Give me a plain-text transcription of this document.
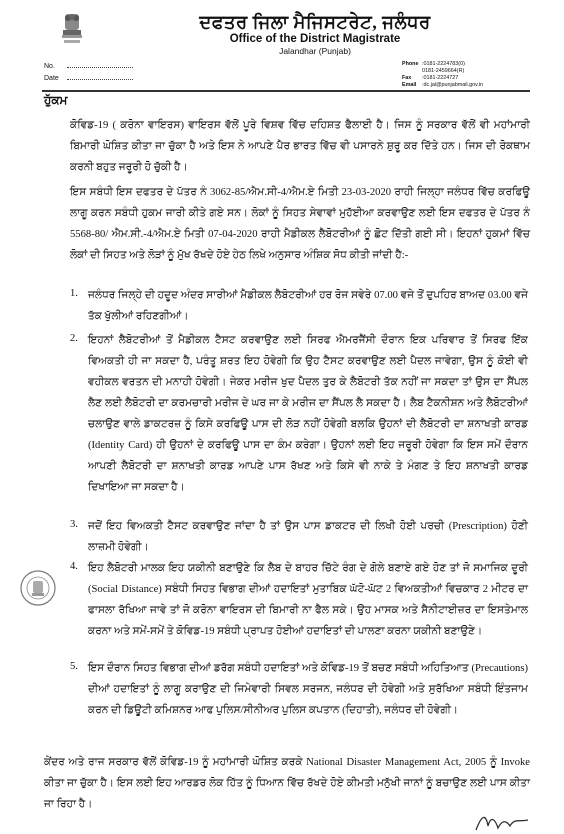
ਦਫਤਰ ਜਿਲਾ ਮੈਜਿਸਟਰੇਟ, ਜਲੰਧਰ
Office of the District Magistrate
Jalandhar (Punjab)
No.
Date
Phone :0181-2224783(0)
0181-2459664(R)
Fax :0181-2224727
Email :dc.jal@punjabmail.gov.in
ਹੁੱਕਮ
ਕੋਵਿਡ-19 ( ਕਰੋਨਾ ਵਾਇਰਸ) ਵਾਇਰਸ ਵੱਲੋਂ ਪੂਰੇ ਵਿਸ਼ਵ ਵਿੱਚ ਦਹਿਸ਼ਤ ਫੈਲਾਈ ਹੈ। ਜਿਸ ਨੂੰ ਸਰਕਾਰ ਵੱਲੋਂ ਵੀ ਮਹਾਂਮਾਰੀ ਬਿਮਾਰੀ ਘੋਸ਼ਿਤ ਕੀਤਾ ਜਾ ਚੁੱਕਾ ਹੈ ਅਤੇ ਇਸ ਨੇ ਆਪਣੇ ਪੈਰ ਭਾਰਤ ਵਿੱਚ ਵੀ ਪਸਾਰਨੇ ਸ਼ੁਰੂ ਕਰ ਦਿੱਤੇ ਹਨ। ਜਿਸ ਦੀ ਰੋਕਥਾਮ ਕਰਨੀ ਬਹੁਤ ਜਰੂਰੀ ਹੋ ਚੁੱਕੀ ਹੈ।
ਇਸ ਸਬੰਧੀ ਇਸ ਦਫਤਰ ਦੇ ਪੱਤਰ ਨੰ 3062-85/ਐਮ.ਸੀ-4/ਐਮ.ਏ ਮਿਤੀ 23-03-2020 ਰਾਹੀ ਜਿਲ੍ਹਾ ਜਲੰਧਰ ਵਿੱਚ ਕਰਫਿਊ ਲਾਗੂ ਕਰਨ ਸਬੰਧੀ ਹੁਕਮ ਜਾਰੀ ਕੀਤੇ ਗਏ ਸਨ। ਲੋਕਾਂ ਨੂੰ ਸਿਹਤ ਸੇਵਾਵਾਂ ਮੁਹੱਈਆ ਕਰਵਾਉਣ ਲਈ ਇਸ ਦਫਤਰ ਦੇ ਪੱਤਰ ਨੰ 5568-80/ ਐਮ.ਸੀ.-4/ਐਮ.ਏ ਮਿਤੀ 07-04-2020 ਰਾਹੀ ਮੈਡੀਕਲ ਲੈਬੋਟਰੀਆਂ ਨੂੰ ਛੋਟ ਦਿੱਤੀ ਗਈ ਸੀ। ਇਹਨਾਂ ਹੁਕਮਾਂ ਵਿੱਚ ਲੋਕਾਂ ਦੀ ਸਿਹਤ ਅਤੇ ਲੋੜਾਂ ਨੂੰ ਮੁੱਖ ਰੱਖਦੇ ਹੋਏ ਹੇਠ ਲਿਖੇ ਅਨੁਸਾਰ ਅੰਸ਼ਿਕ ਸੋਧ ਕੀਤੀ ਜਾਂਦੀ ਹੈ:-
1. ਜਲੰਧਰ ਜਿਲ੍ਹੇ ਦੀ ਹਦੂਦ ਅੰਦਰ ਸਾਰੀਆਂ ਮੈਡੀਕਲ ਲੈਬੋਟਰੀਆਂ ਹਰ ਰੋਜ ਸਵੇਰੇ 07.00 ਵਜੇ ਤੋਂ ਦੁਪਹਿਰ ਬਾਅਦ 03.00 ਵਜੇ ਤੱਕ ਖੁੱਲੀਆਂ ਰਹਿਣਗੀਆਂ।
2. ਇਹਨਾਂ ਲੈਬੋਟਰੀਆਂ ਤੋਂ ਮੈਡੀਕਲ ਟੈਸਟ ਕਰਵਾਉਣ ਲਈ ਸਿਰਫ ਐਮਰਜੈਂਸੀ ਦੌਰਾਨ ਇਕ ਪਰਿਵਾਰ ਤੋਂ ਸਿਰਫ ਇੱਕ ਵਿਅਕਤੀ ਹੀ ਜਾ ਸਕਦਾ ਹੈ, ਪਰੰਤੂ ਸ਼ਰਤ ਇਹ ਹੋਵੇਗੀ ਕਿ ਉਹ ਟੈਸਟ ਕਰਵਾਉਣ ਲਈ ਪੈਦਲ ਜਾਵੇਗਾ, ਉਸ ਨੂੰ ਕੋਈ ਵੀ ਵਹੀਕਲ ਵਰਤਨ ਦੀ ਮਨਾਹੀ ਹੋਵੇਗੀ। ਜੇਕਰ ਮਰੀਜ ਖੁਦ ਪੈਦਲ ਤੁਰ ਕੇ ਲੈਬੋਟਰੀ ਤੱਕ ਨਹੀਂ ਜਾ ਸਕਦਾ ਤਾਂ ਉਸ ਦਾ ਸੈਂਪਲ ਲੈਣ ਲਈ ਲੈਬੋਟਰੀ ਦਾ ਕਰਮਚਾਰੀ ਮਰੀਜ ਦੇ ਘਰ ਜਾ ਕੇ ਮਰੀਜ ਦਾ ਸੈਂਪਲ ਲੈ ਸਕਦਾ ਹੈ। ਲੈਬ ਟੈਕਨੀਸ਼ਨ ਅਤੇ ਲੈਬੋਟਰੀਆਂ ਚਲਾਉਣ ਵਾਲੇ ਡਾਕਟਰਜ਼ ਨੂੰ ਕਿਸੇ ਕਰਫਿਊ ਪਾਸ ਦੀ ਲੋੜ ਨਹੀਂ ਹੋਵੇਗੀ ਬਲਕਿ ਉਹਨਾਂ ਦੀ ਲੈਬੋਟਰੀ ਦਾ ਸ਼ਨਾਖਤੀ ਕਾਰਡ (Identity Card) ਹੀ ਉਹਨਾਂ ਦੇ ਕਰਫਿਊ ਪਾਸ ਦਾ ਕੰਮ ਕਰੇਗਾ। ਉਹਨਾਂ ਲਈ ਇਹ ਜਰੂਰੀ ਹੋਵੇਗਾ ਕਿ ਇਸ ਸਮੇਂ ਦੌਰਾਨ ਆਪਣੀ ਲੈਬੋਟਰੀ ਦਾ ਸ਼ਨਾਖਤੀ ਕਾਰਡ ਆਪਣੇ ਪਾਸ ਰੱਖਣ ਅਤੇ ਕਿਸੇ ਵੀ ਨਾਕੇ ਤੇ ਮੰਗਣ ਤੇ ਇਹ ਸ਼ਨਾਖਤੀ ਕਾਰਡ ਦਿਖਾਇਆ ਜਾ ਸਕਦਾ ਹੈ।
3. ਜਦੋਂ ਇਹ ਵਿਅਕਤੀ ਟੈਸਟ ਕਰਵਾਉਣ ਜਾਂਦਾ ਹੈ ਤਾਂ ਉਸ ਪਾਸ ਡਾਕਟਰ ਦੀ ਲਿਖੀ ਹੋਈ ਪਰਚੀ (Prescription) ਹੋਣੀ ਲਾਜ਼ਮੀ ਹੋਵੇਗੀ।
4. ਇਹ ਲੈਬੋਟਰੀ ਮਾਲਕ ਇਹ ਯਕੀਨੀ ਬਣਾਉਣੇ ਕਿ ਲੈਬ ਦੇ ਬਾਹਰ ਚਿੱਟੇ ਰੰਗ ਦੇ ਗੋਲੇ ਬਣਾਏ ਗਏ ਹੋਣ ਤਾਂ ਜੋ ਸਮਾਜਿਕ ਦੂਰੀ (Social Distance) ਸਬੰਧੀ ਸਿਹਤ ਵਿਭਾਗ ਦੀਆਂ ਹਦਾਇਤਾਂ ਮੁਤਾਬਿਕ ਘੱਟੋ-ਘੱਟ 2 ਵਿਅਕਤੀਆਂ ਵਿਚਕਾਰ 2 ਮੀਟਰ ਦਾ ਫਾਸਲਾ ਰੱਖਿਆ ਜਾਵੇ ਤਾਂ ਜੋ ਕਰੋਨਾ ਵਾਇਰਸ ਦੀ ਬਿਮਾਰੀ ਨਾ ਫੈਲ ਸਕੇ। ਉਹ ਮਾਸਕ ਅਤੇ ਸੈਨੀਟਾਈਜ਼ਰ ਦਾ ਇਸਤੇਮਾਲ ਕਰਨਾ ਅਤੇ ਸਮੇਂ-ਸਮੇਂ ਤੇ ਕੋਵਿਡ-19 ਸਬੰਧੀ ਪ੍ਰਾਪਤ ਹੋਈਆਂ ਹਦਾਇਤਾਂ ਦੀ ਪਾਲਣਾ ਕਰਨਾ ਯਕੀਨੀ ਬਣਾਉਣੇ।
5. ਇਸ ਦੌਰਾਨ ਸਿਹਤ ਵਿਭਾਗ ਦੀਆਂ ਡਰੱਗ ਸਬੰਧੀ ਹਦਾਇਤਾਂ ਅਤੇ ਕੋਵਿਡ-19 ਤੋਂ ਬਚਣ ਸਬੰਧੀ ਅਹਿਤਿਆਤ (Precautions) ਦੀਆਂ ਹਦਾਇਤਾਂ ਨੂੰ ਲਾਗੂ ਕਰਾਉਣ ਦੀ ਜਿਮੇਵਾਰੀ ਸਿਵਲ ਸਰਜਨ, ਜਲੰਧਰ ਦੀ ਹੋਵੇਗੀ ਅਤੇ ਸੁਰੱਖਿਆ ਸਬੰਧੀ ਇੰਤਜਾਮ ਕਰਨ ਦੀ ਡਿਊਟੀ ਕਮਿਸ਼ਨਰ ਆਫ ਪੁਲਿਸ/ਸੀਨੀਅਰ ਪੁਲਿਸ ਕਪਤਾਨ (ਦਿਹਾਤੀ), ਜਲੰਧਰ ਦੀ ਹੋਵੇਗੀ।
ਕੇਂਦਰ ਅਤੇ ਰਾਜ ਸਰਕਾਰ ਵੱਲੋਂ ਕੋਵਿਡ-19 ਨੂੰ ਮਹਾਂਮਾਰੀ ਘੋਸ਼ਿਤ ਕਰਕੇ National Disaster Management Act, 2005 ਨੂੰ Invoke ਕੀਤਾ ਜਾ ਚੁੱਕਾ ਹੈ। ਇਸ ਲਈ ਇਹ ਆਰਡਰ ਲੋਕ ਹਿੱਤ ਨੂੰ ਧਿਆਨ ਵਿੱਚ ਰੱਖਦੇ ਹੋਏ ਕੀਮਤੀ ਮਨੁੱਖੀ ਜਾਨਾਂ ਨੂੰ ਬਚਾਉਣ ਲਈ ਪਾਸ ਕੀਤਾ ਜਾ ਰਿਹਾ ਹੈ।
